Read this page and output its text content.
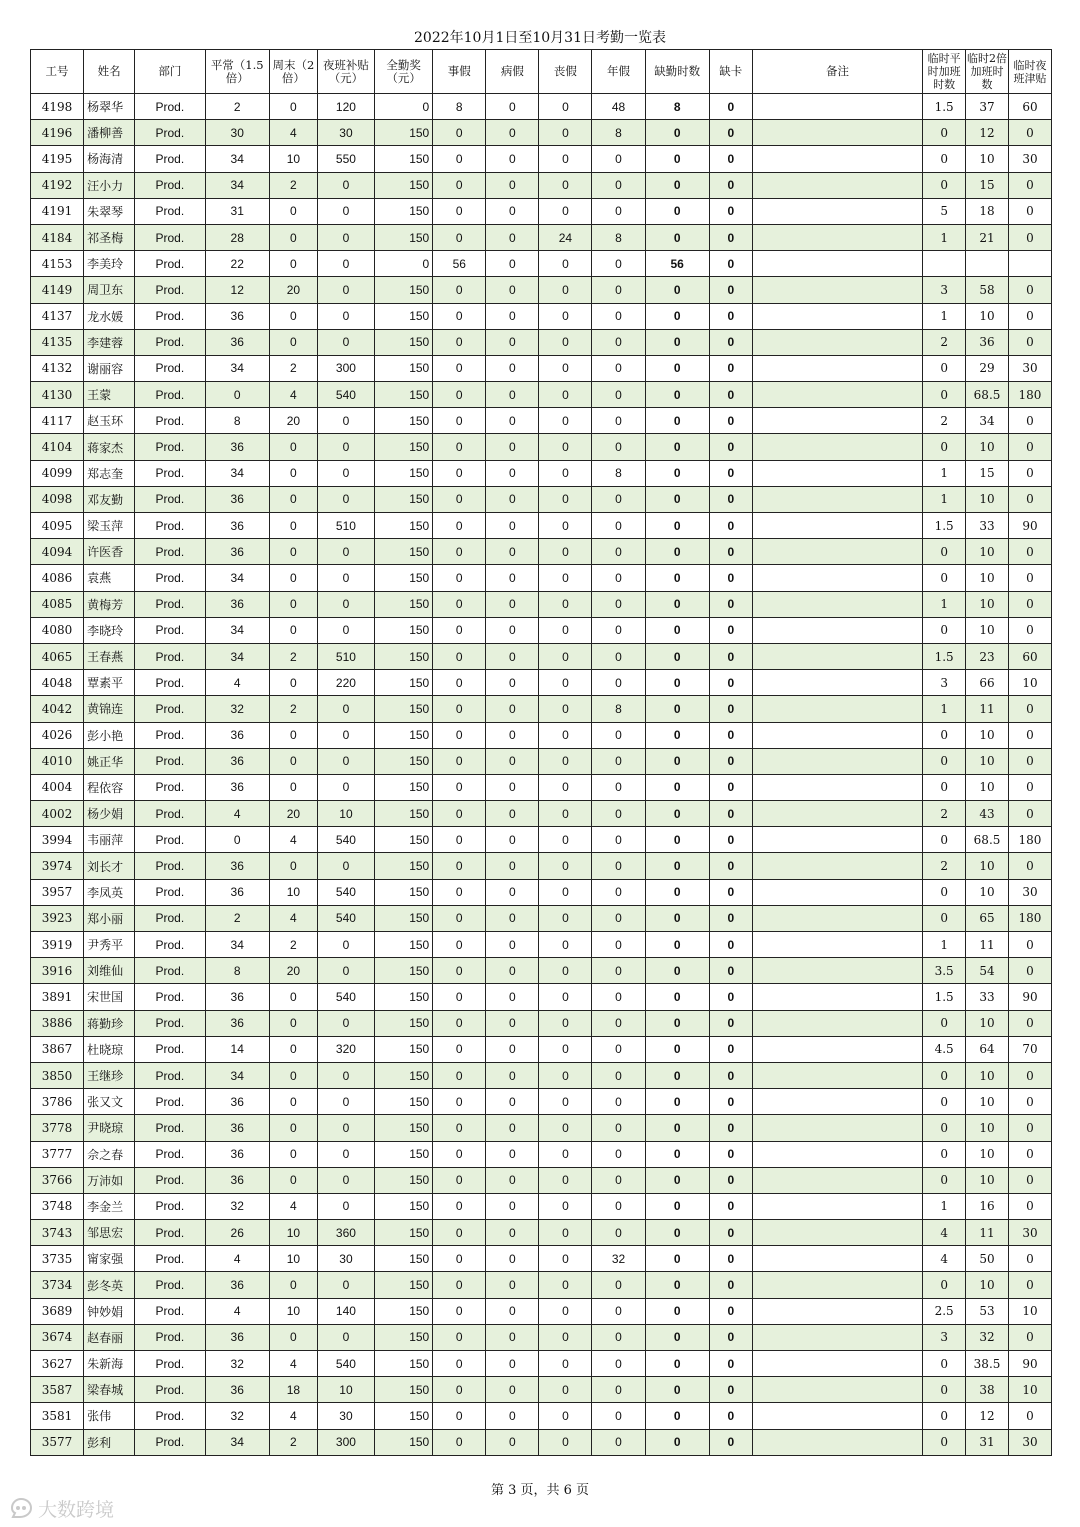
2022年10月1日至10月31日考勤一览表
工号	姓名	部门	平常（1.5倍）	周末（2倍）	夜班补贴（元）	全勤奖（元）	事假	病假	丧假	年假	缺勤时数	缺卡	备注	临时平时加班时数	临时2倍加班时数	临时夜班津贴
4198	杨翠华	Prod.	2	0	120	0	8	0	0	48	8	0		1.5	37	60
4196	潘柳善	Prod.	30	4	30	150	0	0	0	8	0	0		0	12	0
4195	杨海清	Prod.	34	10	550	150	0	0	0	0	0	0		0	10	30
4192	汪小力	Prod.	34	2	0	150	0	0	0	0	0	0		0	15	0
4191	朱翠琴	Prod.	31	0	0	150	0	0	0	0	0	0		5	18	0
4184	祁圣梅	Prod.	28	0	0	150	0	0	24	8	0	0		1	21	0
4153	李美玲	Prod.	22	0	0	0	56	0	0	0	56	0				
4149	周卫东	Prod.	12	20	0	150	0	0	0	0	0	0		3	58	0
4137	龙水媛	Prod.	36	0	0	150	0	0	0	0	0	0		1	10	0
4135	李建蓉	Prod.	36	0	0	150	0	0	0	0	0	0		2	36	0
4132	谢丽容	Prod.	34	2	300	150	0	0	0	0	0	0		0	29	30
4130	王蒙	Prod.	0	4	540	150	0	0	0	0	0	0		0	68.5	180
4117	赵玉环	Prod.	8	20	0	150	0	0	0	0	0	0		2	34	0
4104	蒋家杰	Prod.	36	0	0	150	0	0	0	0	0	0		0	10	0
4099	郑志奎	Prod.	34	0	0	150	0	0	0	8	0	0		1	15	0
4098	邓友勤	Prod.	36	0	0	150	0	0	0	0	0	0		1	10	0
4095	梁玉萍	Prod.	36	0	510	150	0	0	0	0	0	0		1.5	33	90
4094	许医香	Prod.	36	0	0	150	0	0	0	0	0	0		0	10	0
4086	袁燕	Prod.	34	0	0	150	0	0	0	0	0	0		0	10	0
4085	黄梅芳	Prod.	36	0	0	150	0	0	0	0	0	0		1	10	0
4080	李晓玲	Prod.	34	0	0	150	0	0	0	0	0	0		0	10	0
4065	王春燕	Prod.	34	2	510	150	0	0	0	0	0	0		1.5	23	60
4048	覃素平	Prod.	4	0	220	150	0	0	0	0	0	0		3	66	10
4042	黄锦连	Prod.	32	2	0	150	0	0	0	8	0	0		1	11	0
4026	彭小艳	Prod.	36	0	0	150	0	0	0	0	0	0		0	10	0
4010	姚正华	Prod.	36	0	0	150	0	0	0	0	0	0		0	10	0
4004	程依容	Prod.	36	0	0	150	0	0	0	0	0	0		0	10	0
4002	杨少娟	Prod.	4	20	10	150	0	0	0	0	0	0		2	43	0
3994	韦丽萍	Prod.	0	4	540	150	0	0	0	0	0	0		0	68.5	180
3974	刘长才	Prod.	36	0	0	150	0	0	0	0	0	0		2	10	0
3957	李凤英	Prod.	36	10	540	150	0	0	0	0	0	0		0	10	30
3923	郑小丽	Prod.	2	4	540	150	0	0	0	0	0	0		0	65	180
3919	尹秀平	Prod.	34	2	0	150	0	0	0	0	0	0		1	11	0
3916	刘维仙	Prod.	8	20	0	150	0	0	0	0	0	0		3.5	54	0
3891	宋世国	Prod.	36	0	540	150	0	0	0	0	0	0		1.5	33	90
3886	蒋勤珍	Prod.	36	0	0	150	0	0	0	0	0	0		0	10	0
3867	杜晓琼	Prod.	14	0	320	150	0	0	0	0	0	0		4.5	64	70
3850	王继珍	Prod.	34	0	0	150	0	0	0	0	0	0		0	10	0
3786	张又文	Prod.	36	0	0	150	0	0	0	0	0	0		0	10	0
3778	尹晓琼	Prod.	36	0	0	150	0	0	0	0	0	0		0	10	0
3777	佘之春	Prod.	36	0	0	150	0	0	0	0	0	0		0	10	0
3766	万沛如	Prod.	36	0	0	150	0	0	0	0	0	0		0	10	0
3748	李金兰	Prod.	32	4	0	150	0	0	0	0	0	0		1	16	0
3743	邹思宏	Prod.	26	10	360	150	0	0	0	0	0	0		4	11	30
3735	甯家强	Prod.	4	10	30	150	0	0	0	32	0	0		4	50	0
3734	彭冬英	Prod.	36	0	0	150	0	0	0	0	0	0		0	10	0
3689	钟妙娟	Prod.	4	10	140	150	0	0	0	0	0	0		2.5	53	10
3674	赵春丽	Prod.	36	0	0	150	0	0	0	0	0	0		3	32	0
3627	朱新海	Prod.	32	4	540	150	0	0	0	0	0	0		0	38.5	90
3587	梁春城	Prod.	36	18	10	150	0	0	0	0	0	0		0	38	10
3581	张伟	Prod.	32	4	30	150	0	0	0	0	0	0		0	12	0
3577	彭利	Prod.	34	2	300	150	0	0	0	0	0	0		0	31	30
第 3 页，共 6 页
大数跨境
